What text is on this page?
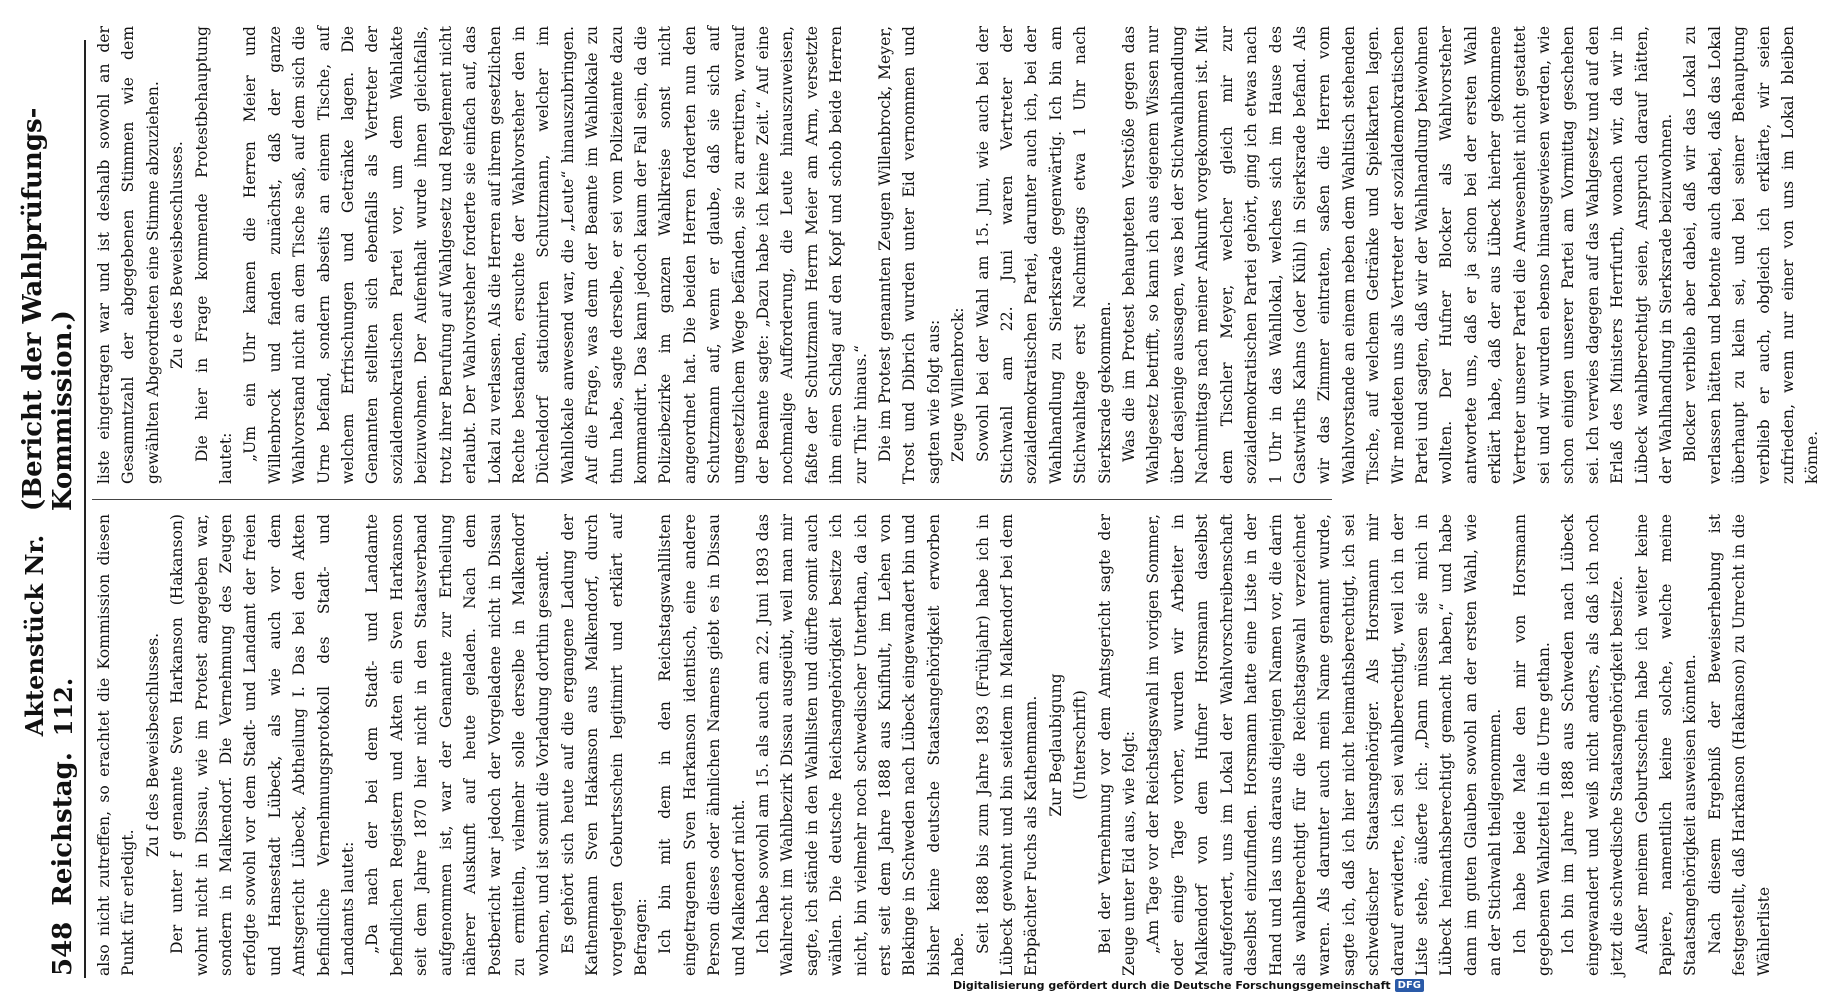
548
Reichstag.
Aktenstück Nr. 112.
(Bericht der Wahlprüfungs-Kommission.)

also nicht zutreffen, so erachtet die Kommission diesen Punkt für erledigt.

Zu f des Beweisbeschlusses. Der unter f genannte Sven Harkanson (Hakanson) wohnt nicht in Dissau, wie im Protest angegeben war, sondern in Malkendorf. Die Vernehmung des Zeugen erfolgte sowohl vor dem Stadt- und Landamt der freien und Hansestadt Lübeck, als wie auch vor dem Amtsgericht Lübeck, Abtheilung I. Das bei den Akten befindliche Vernehmungsprotokoll des Stadt- und Landamts lautet: „Da nach der bei dem Stadt- und Landamte befindlichen Registern und Akten ein Sven Harkanson seit dem Jahre 1870 hier nicht in den Staatsverband aufgenommen ist, war der Genannte zur Ertheilung näherer Auskunft auf heute geladen. Nach dem Postbericht war jedoch der Vorgeladene nicht in Dissau zu ermitteln, vielmehr solle derselbe in Malkendorf wohnen, und ist somit die Vorladung dorthin gesandt. Es gehört sich heute auf die ergangene Ladung der Kathenmann Sven Hakanson aus Malkendorf, durch vorgelegten Geburtsschein legitimirt und erklärt auf Befragen: Ich bin mit dem in den Reichstagswahllisten eingetragenen Sven Harkanson identisch, eine andere Person dieses oder ähnlichen Namens giebt es in Dissau und Malkendorf nicht. Ich habe sowohl am 15. als auch am 22. Juni 1893 das Wahlrecht im Wahlbezirk Dissau ausgeübt, weil man mir sagte, ich stände in den Wahllisten und dürfte somit auch wählen. Die deutsche Reichsangehörigkeit besitze ich nicht, bin vielmehr noch schwedischer Unterthan, da ich erst seit dem Jahre 1888 aus Knifhult, im Lehen von Blekinge in Schweden nach Lübeck eingewandert bin und bisher keine deutsche Staatsangehörigkeit erworben habe.

Seit 1888 bis zum Jahre 1893 (Frühjahr) habe ich in Lübeck gewohnt und bin seitdem in Malkendorf bei dem Erbpächter Fuchs als Kathenmann. Zur Beglaubigung (Unterschrift) Bei der Vernehmung vor dem Amtsgericht sagte der Zeuge unter Eid aus, wie folgt: „Am Tage vor der Reichstagswahl im vorigen Sommer, oder einige Tage vorher, wurden wir Arbeiter in Malkendorf von dem Hufner Horsmann daselbst aufgefordert, uns im Lokal der Wahlvorschreibenschaft daselbst einzufinden. Horsmann hatte eine Liste in der Hand und las uns daraus diejenigen Namen vor, die darin als wahlberechtigt für die Reichstagswahl verzeichnet waren. Als darunter auch mein Name genannt wurde, sagte ich, daß ich hier nicht heimathsberechtigt, ich sei schwedischer Staatsangehöriger. Als Horsmann mir darauf erwiderte, ich sei wahlberechtigt, weil ich in der Liste stehe, äußerte ich: „Dann müssen sie mich in Lübeck heimathsberechtigt gemacht haben,“ und habe dann im guten Glauben sowohl an der ersten Wahl, wie an der Stichwahl theilgenommen. Ich habe beide Male den mir von Horsmann gegebenen Wahlzettel in die Urne gethan. Ich bin im Jahre 1888 aus Schweden nach Lübeck eingewandert und weiß nicht anders, als daß ich noch jetzt die schwedische Staatsangehörigkeit besitze. Außer meinem Geburtsschein habe ich weiter keine Papiere, namentlich keine solche, welche meine Staatsangehörigkeit ausweisen könnten. Nach diesem Ergebniß der Beweiserhebung ist festgestellt, daß Harkanson (Hakanson) zu Unrecht in die Wählerliste

liste eingetragen war und ist deshalb sowohl an der Gesammtzahl der abgegebenen Stimmen wie dem gewählten Abgeordneten eine Stimme abzuziehen. Zu e des Beweisbeschlusses. Die hier in Frage kommende Protestbehauptung lautet: „Um ein Uhr kamen die Herren Meier und Willenbrock und fanden zunächst, daß der ganze Wahlvorstand nicht an dem Tische saß, auf dem sich die Urne befand, sondern abseits an einem Tische, auf welchem Erfrischungen und Getränke lagen. Die Genannten stellten sich ebenfalls als Vertreter der sozialdemokratischen Partei vor, um dem Wahlakte beizuwohnen. Der Aufenthalt wurde ihnen gleichfalls, trotz ihrer Berufung auf Wahlgesetz und Reglement nicht erlaubt. Der Wahlvorsteher forderte sie einfach auf, das Lokal zu verlassen. Als die Herren auf ihrem gesetzlichen Rechte bestanden, ersuchte der Wahlvorsteher den in Dücheldorf stationirten Schutzmann, welcher im Wahllokale anwesend war, die „Leute“ hinauszubringen. Auf die Frage, was denn der Beamte im Wahllokale zu thun habe, sagte derselbe, er sei vom Polizeiamte dazu kommandirt. Das kann jedoch kaum der Fall sein, da die Polizeibezirke im ganzen Wahlkreise sonst nicht angeordnet hat. Die beiden Herren forderten nun den Schutzmann auf, wenn er glaube, daß sie sich auf ungesetzlichem Wege befänden, sie zu arretiren, worauf der Beamte sagte: „Dazu habe ich keine Zeit.“ Auf eine nochmalige Aufforderung, die Leute hinauszuweisen, faßte der Schutzmann Herrn Meier am Arm, versetzte ihm einen Schlag auf den Kopf und schob beide Herren zur Thür hinaus.“ Die im Protest genannten Zeugen Willenbrock, Meyer, Trost und Dibrich wurden unter Eid vernommen und sagten wie folgt aus: Zeuge Willenbrock: Sowohl bei der Wahl am 15. Juni, wie auch bei der Stichwahl am 22. Juni waren Vertreter der sozialdemokratischen Partei, darunter auch ich, bei der Wahlhandlung zu Sierksrade gegenwärtig. Ich bin am Stichwahltage erst Nachmittags etwa 1 Uhr nach Sierksrade gekommen. Was die im Protest behaupteten Verstöße gegen das Wahlgesetz betrifft, so kann ich aus eigenem Wissen nur über dasjenige aussagen, was bei der Stichwahlhandlung Nachmittags nach meiner Ankunft vorgekommen ist. Mit dem Tischler Meyer, welcher gleich mir zur sozialdemokratischen Partei gehört, ging ich etwas nach 1 Uhr in das Wahllokal, welches sich im Hause des Gastwirths Kahns (oder Kühl) in Sierksrade befand. Als wir das Zimmer eintraten, saßen die Herren vom Wahlvorstande an einem neben dem Wahltisch stehenden Tische, auf welchem Getränke und Spielkarten lagen. Wir meldeten uns als Vertreter der sozialdemokratischen Partei und sagten, daß wir der Wahlhandlung beiwohnen wollten. Der Hufner Blocker als Wahlvorsteher antwortete uns, daß er ja schon bei der ersten Wahl erklärt habe, daß der aus Lübeck hierher gekommene Vertreter unserer Partei die Anwesenheit nicht gestattet sei und wir wurden ebenso hinausgewiesen werden, wie schon einigen unserer Partei am Vormittag geschehen sei. Ich verwies dagegen auf das Wahlgesetz und auf den Erlaß des Ministers Herrfurth, wonach wir, da wir in Lübeck wahlberechtigt seien, Anspruch darauf hätten, der Wahlhandlung in Sierksrade beizuwohnen. Blocker verblieb aber dabei, daß wir das Lokal zu verlassen hätten und betonte auch dabei, daß das Lokal überhaupt zu klein sei, und bei seiner Behauptung verblieb er auch, obgleich ich erklärte, wir seien zufrieden, wenn nur einer von uns im Lokal bleiben könne.

Digitalisierung gefördert durch die Deutsche Forschungsgemeinschaft DFG
